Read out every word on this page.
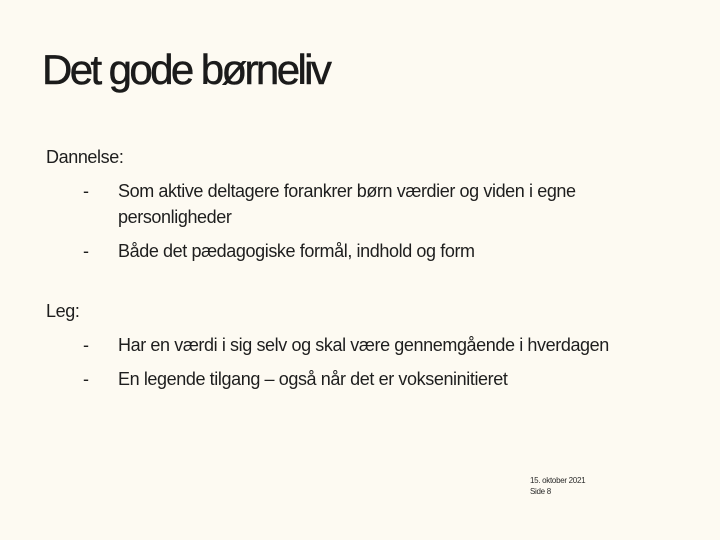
Det gode børneliv

Dannelse:

- Som aktive deltagere forankrer børn værdier og viden i egne personligheder
- Både det pædagogiske formål, indhold og form

Leg:

- Har en værdi i sig selv og skal være gennemgående i hverdagen
- En legende tilgang – også når det er vokseninitieret
15. oktober 2021
Side 8
